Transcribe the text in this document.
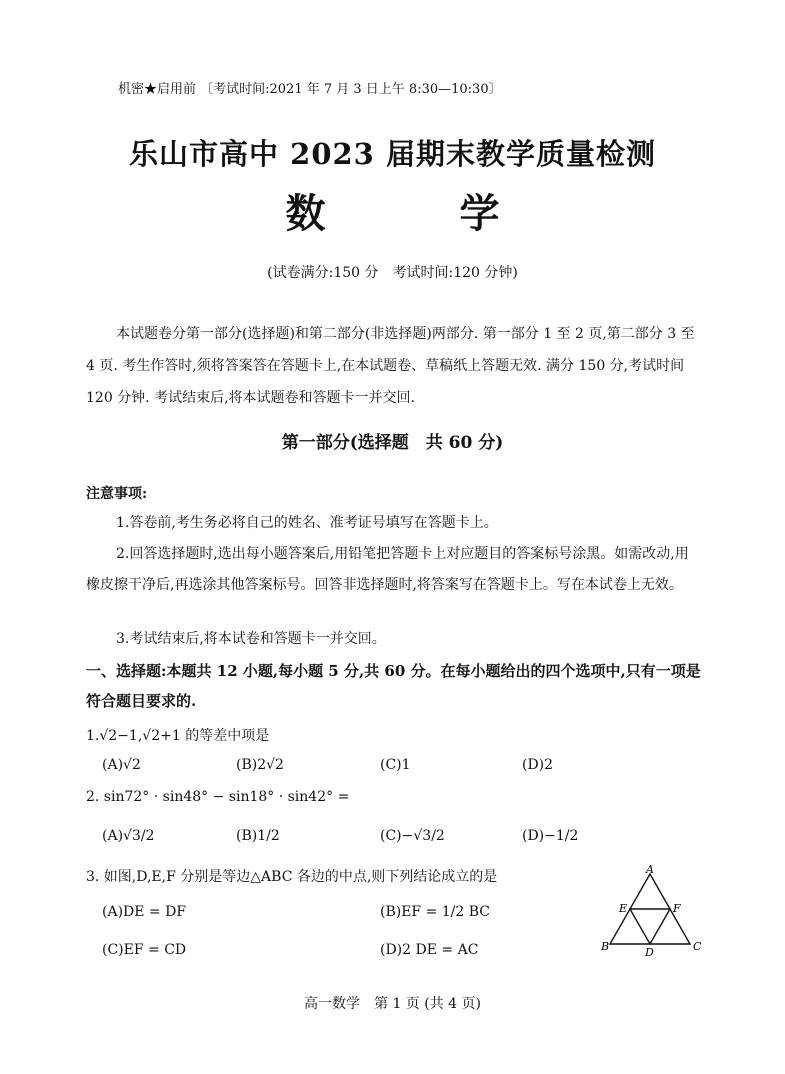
机密★启用前 〔考试时间:2021 年 7 月 3 日上午 8:30—10:30〕
乐山市高中 2023 届期末教学质量检测
数 学
(试卷满分:150 分　考试时间:120 分钟)
本试题卷分第一部分(选择题)和第二部分(非选择题)两部分. 第一部分 1 至 2 页,第二部分 3 至 4 页. 考生作答时,须将答案答在答题卡上,在本试题卷、草稿纸上答题无效. 满分 150 分,考试时间 120 分钟. 考试结束后,将本试题卷和答题卡一并交回.
第一部分(选择题　共 60 分)
注意事项:
1.答卷前,考生务必将自己的姓名、准考证号填写在答题卡上。
2.回答选择题时,选出每小题答案后,用铅笔把答题卡上对应题目的答案标号涂黑。如需改动,用橡皮擦干净后,再选涂其他答案标号。回答非选择题时,将答案写在答题卡上。写在本试卷上无效。
3.考试结束后,将本试卷和答题卡一并交回。
一、选择题:本题共 12 小题,每小题 5 分,共 60 分。在每小题给出的四个选项中,只有一项是符合题目要求的.
1.√2−1,√2+1 的等差中项是
(A)√2	(B)2√2	(C)1	(D)2
2. sin72° · sin48° − sin18° · sin42° =
(A)√3/2	(B)1/2	(C)−√3/2	(D)−1/2
3. 如图,D,E,F 分别是等边△ABC 各边的中点,则下列结论成立的是
(A)DE = DF	(B)EF = 1/2 BC
(C)EF = CD	(D)2 DE = AC
A
E	F
B	D	C
高一数学　第 1 页 (共 4 页)
